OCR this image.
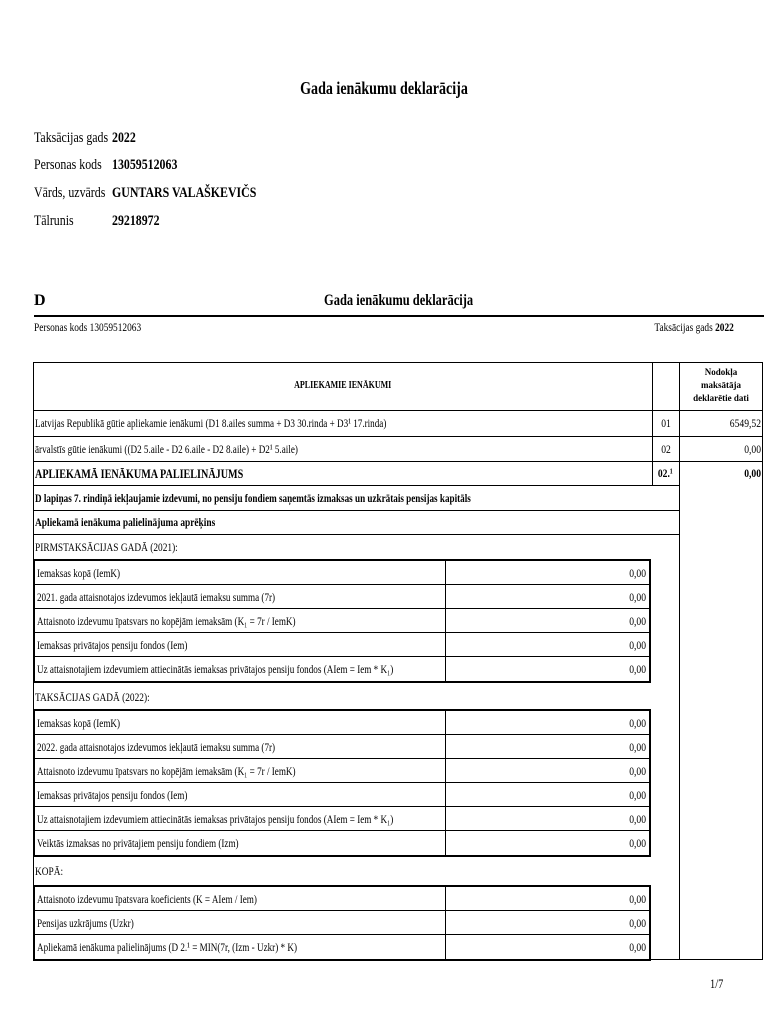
Gada ienākumu deklarācija
Taksācijas gads 2022
Personas kods 13059512063
Vārds, uzvārds GUNTARS VALAŠKEVIČS
Tālrunis	29218972
D	Gada ienākumu deklarācija
Personas kods 13059512063	Taksācijas gads 2022
APLIEKAMIE IENĀKUMI
Nodokļa
maksātāja
deklarētie dati
Latvijas Republikā gūtie apliekamie ienākumi (D1 8.ailes summa + D3 30.rinda + D3¹ 17.rinda)	01	6549,52
ārvalstīs gūtie ienākumi ((D2 5.aile - D2 6.aile - D2 8.aile) + D2¹ 5.aile)	02	0,00
APLIEKAMĀ IENĀKUMA PALIELINĀJUMS	02.¹	0,00
D lapiņas 7. rindiņā iekļaujamie izdevumi, no pensiju fondiem saņemtās izmaksas un uzkrātais pensijas kapitāls
Apliekamā ienākuma palielinājuma aprēķins
PIRMSTAKSĀCIJAS GADĀ (2021):
Iemaksas kopā (IemK)	0,00
2021. gada attaisnotajos izdevumos iekļautā iemaksu summa (7r)	0,00
Attaisnoto izdevumu īpatsvars no kopējām iemaksām (K₁ = 7r / IemK)	0,00
Iemaksas privātajos pensiju fondos (Iem)	0,00
Uz attaisnotajiem izdevumiem attiecinātās iemaksas privātajos pensiju fondos (AIem = Iem * K₁)	0,00
TAKSĀCIJAS GADĀ (2022):
Iemaksas kopā (IemK)	0,00
2022. gada attaisnotajos izdevumos iekļautā iemaksu summa (7r)	0,00
Attaisnoto izdevumu īpatsvars no kopējām iemaksām (K₁ = 7r / IemK)	0,00
Iemaksas privātajos pensiju fondos (Iem)	0,00
Uz attaisnotajiem izdevumiem attiecinātās iemaksas privātajos pensiju fondos (AIem = Iem * K₁)	0,00
Veiktās izmaksas no privātajiem pensiju fondiem (Izm)	0,00
KOPĀ:
Attaisnoto izdevumu īpatsvara koeficients (K = AIem / Iem)	0,00
Pensijas uzkrājums (Uzkr)	0,00
Apliekamā ienākuma palielinājums (D 2.¹ = MIN(7r, (Izm - Uzkr) * K)	0,00
1/7
